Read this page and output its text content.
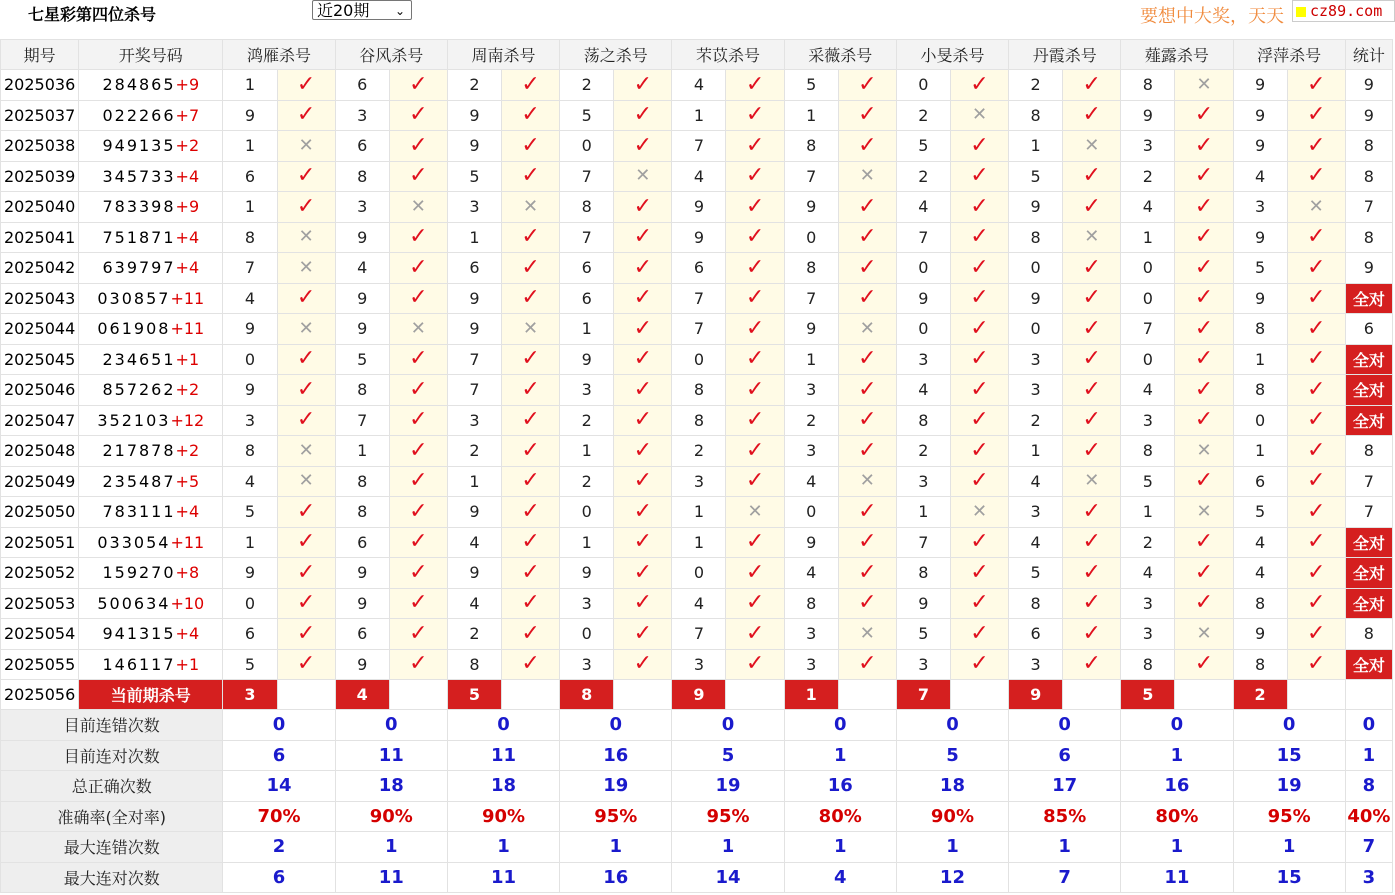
七星彩第四位杀号	近20期 ⌄	要想中大奖，天天	cz89.com
期号	开奖号码	鸿雁杀号		谷风杀号		周南杀号		荡之杀号		芣苡杀号		采薇杀号		小旻杀号		丹霞杀号		薤露杀号		浮萍杀号		统计
2025036	284865+9	1	✓	6	✓	2	✓	2	✓	4	✓	5	✓	0	✓	2	✓	8	✕	9	✓	9
2025037	022266+7	9	✓	3	✓	9	✓	5	✓	1	✓	1	✓	2	✕	8	✓	9	✓	9	✓	9
2025038	949135+2	1	✕	6	✓	9	✓	0	✓	7	✓	8	✓	5	✓	1	✕	3	✓	9	✓	8
2025039	345733+4	6	✓	8	✓	5	✓	7	✕	4	✓	7	✕	2	✓	5	✓	2	✓	4	✓	8
2025040	783398+9	1	✓	3	✕	3	✕	8	✓	9	✓	9	✓	4	✓	9	✓	4	✓	3	✕	7
2025041	751871+4	8	✕	9	✓	1	✓	7	✓	9	✓	0	✓	7	✓	8	✕	1	✓	9	✓	8
2025042	639797+4	7	✕	4	✓	6	✓	6	✓	6	✓	8	✓	0	✓	0	✓	0	✓	5	✓	9
2025043	030857+11	4	✓	9	✓	9	✓	6	✓	7	✓	7	✓	9	✓	9	✓	0	✓	9	✓	全对
2025044	061908+11	9	✕	9	✕	9	✕	1	✓	7	✓	9	✕	0	✓	0	✓	7	✓	8	✓	6
2025045	234651+1	0	✓	5	✓	7	✓	9	✓	0	✓	1	✓	3	✓	3	✓	0	✓	1	✓	全对
2025046	857262+2	9	✓	8	✓	7	✓	3	✓	8	✓	3	✓	4	✓	3	✓	4	✓	8	✓	全对
2025047	352103+12	3	✓	7	✓	3	✓	2	✓	8	✓	2	✓	8	✓	2	✓	3	✓	0	✓	全对
2025048	217878+2	8	✕	1	✓	2	✓	1	✓	2	✓	3	✓	2	✓	1	✓	8	✕	1	✓	8
2025049	235487+5	4	✕	8	✓	1	✓	2	✓	3	✓	4	✕	3	✓	4	✕	5	✓	6	✓	7
2025050	783111+4	5	✓	8	✓	9	✓	0	✓	1	✕	0	✓	1	✕	3	✓	1	✕	5	✓	7
2025051	033054+11	1	✓	6	✓	4	✓	1	✓	1	✓	9	✓	7	✓	4	✓	2	✓	4	✓	全对
2025052	159270+8	9	✓	9	✓	9	✓	9	✓	0	✓	4	✓	8	✓	5	✓	4	✓	4	✓	全对
2025053	500634+10	0	✓	9	✓	4	✓	3	✓	4	✓	8	✓	9	✓	8	✓	3	✓	8	✓	全对
2025054	941315+4	6	✓	6	✓	2	✓	0	✓	7	✓	3	✕	5	✓	6	✓	3	✕	9	✓	8
2025055	146117+1	5	✓	9	✓	8	✓	3	✓	3	✓	3	✓	3	✓	3	✓	8	✓	8	✓	全对
2025056	当前期杀号	3		4		5		8		9		1		7		9		5		2		
目前连错次数		0		0		0		0		0		0		0		0		0		0		0
目前连对次数		6		11		11		16		5		1		5		6		1		15		1
总正确次数		14		18		18		19		19		16		18		17		16		19		8
准确率(全对率)		70%		90%		90%		95%		95%		80%		90%		85%		80%		95%		40%
最大连错次数		2		1		1		1		1		1		1		1		1		1		7
最大连对次数		6		11		11		16		14		4		12		7		11		15		3
